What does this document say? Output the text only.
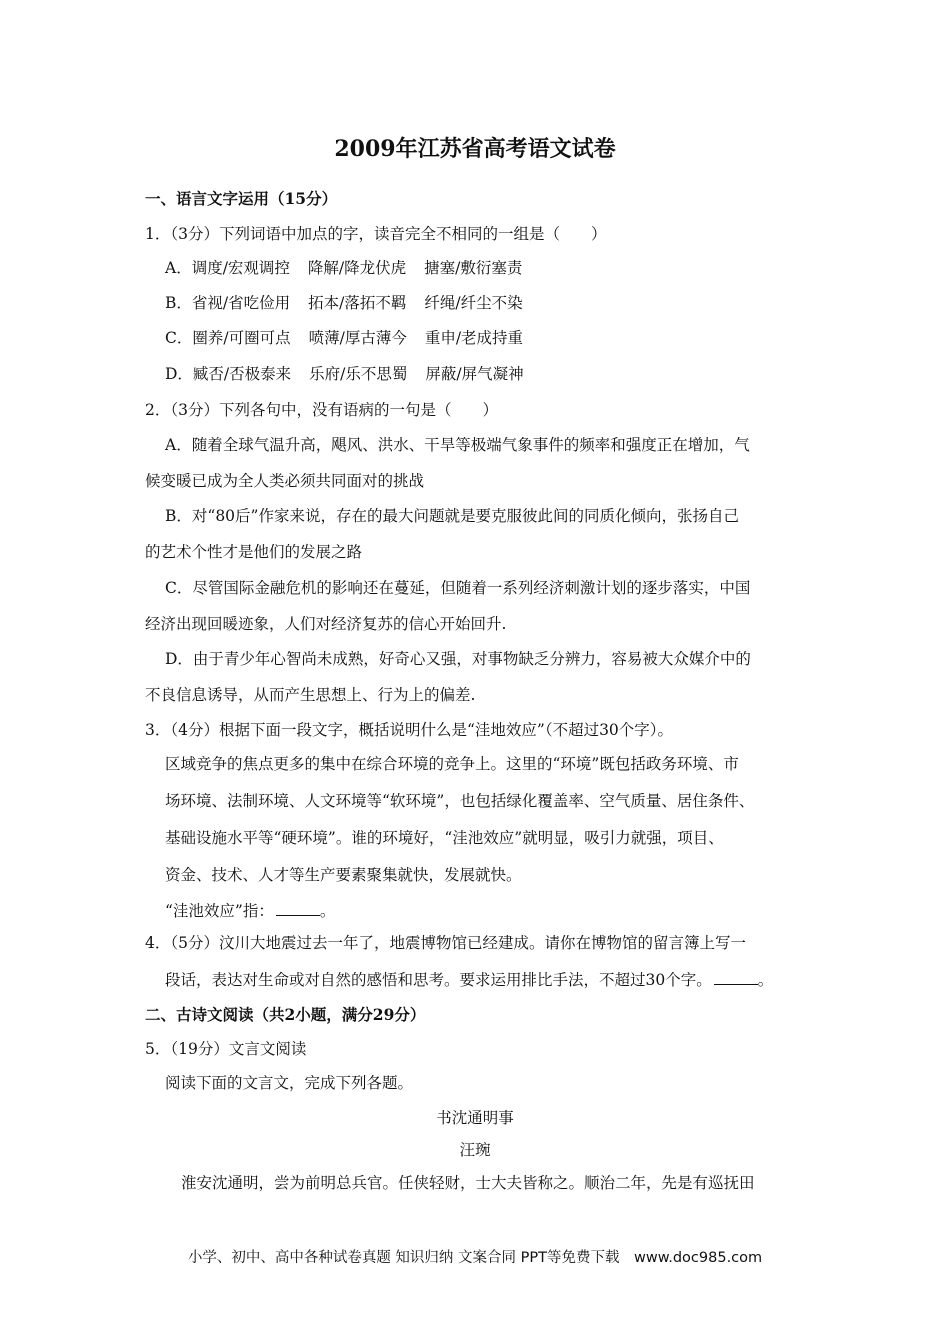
2009年江苏省高考语文试卷
一、语言文字运用（15分）
1．（3分）下列词语中加点的字，读音完全不相同的一组是（　　）
A．调度/宏观调控 降解/降龙伏虎 搪塞/敷衍塞责
B．省视/省吃俭用 拓本/落拓不羁 纤绳/纤尘不染
C．圈养/可圈可点 喷薄/厚古薄今 重申/老成持重
D．臧否/否极泰来 乐府/乐不思蜀 屏蔽/屏气凝神
2．（3分）下列各句中，没有语病的一句是（　　）
A．随着全球气温升高，飓风、洪水、干旱等极端气象事件的频率和强度正在增加，气
候变暖已成为全人类必须共同面对的挑战
B．对“80后”作家来说，存在的最大问题就是要克服彼此间的同质化倾向，张扬自己
的艺术个性才是他们的发展之路
C．尽管国际金融危机的影响还在蔓延，但随着一系列经济刺激计划的逐步落实，中国
经济出现回暖迹象，人们对经济复苏的信心开始回升.
D．由于青少年心智尚未成熟，好奇心又强，对事物缺乏分辨力，容易被大众媒介中的
不良信息诱导，从而产生思想上、行为上的偏差.
3．（4分）根据下面一段文字，概括说明什么是“洼地效应”（不超过30个字）。
区域竞争的焦点更多的集中在综合环境的竞争上。这里的“环境”既包括政务环境、市
场环境、法制环境、人文环境等“软环境”，也包括绿化覆盖率、空气质量、居住条件、
基础设施水平等“硬环境”。谁的环境好，“洼池效应”就明显，吸引力就强，项目、
资金、技术、人才等生产要素聚集就快，发展就快。
“洼池效应”指：	。
4．（5分）汶川大地震过去一年了，地震博物馆已经建成。请你在博物馆的留言簿上写一
段话，表达对生命或对自然的感悟和思考。要求运用排比手法，不超过30个字。	。
二、古诗文阅读（共2小题，满分29分）
5．（19分）文言文阅读
阅读下面的文言文，完成下列各题。
书沈通明事
汪琬
淮安沈通明，尝为前明总兵官。任侠轻财，士大夫皆称之。顺治二年，先是有巡抚田
小学、初中、高中各种试卷真题 知识归纳 文案合同 PPT等免费下载　www.doc985.com
